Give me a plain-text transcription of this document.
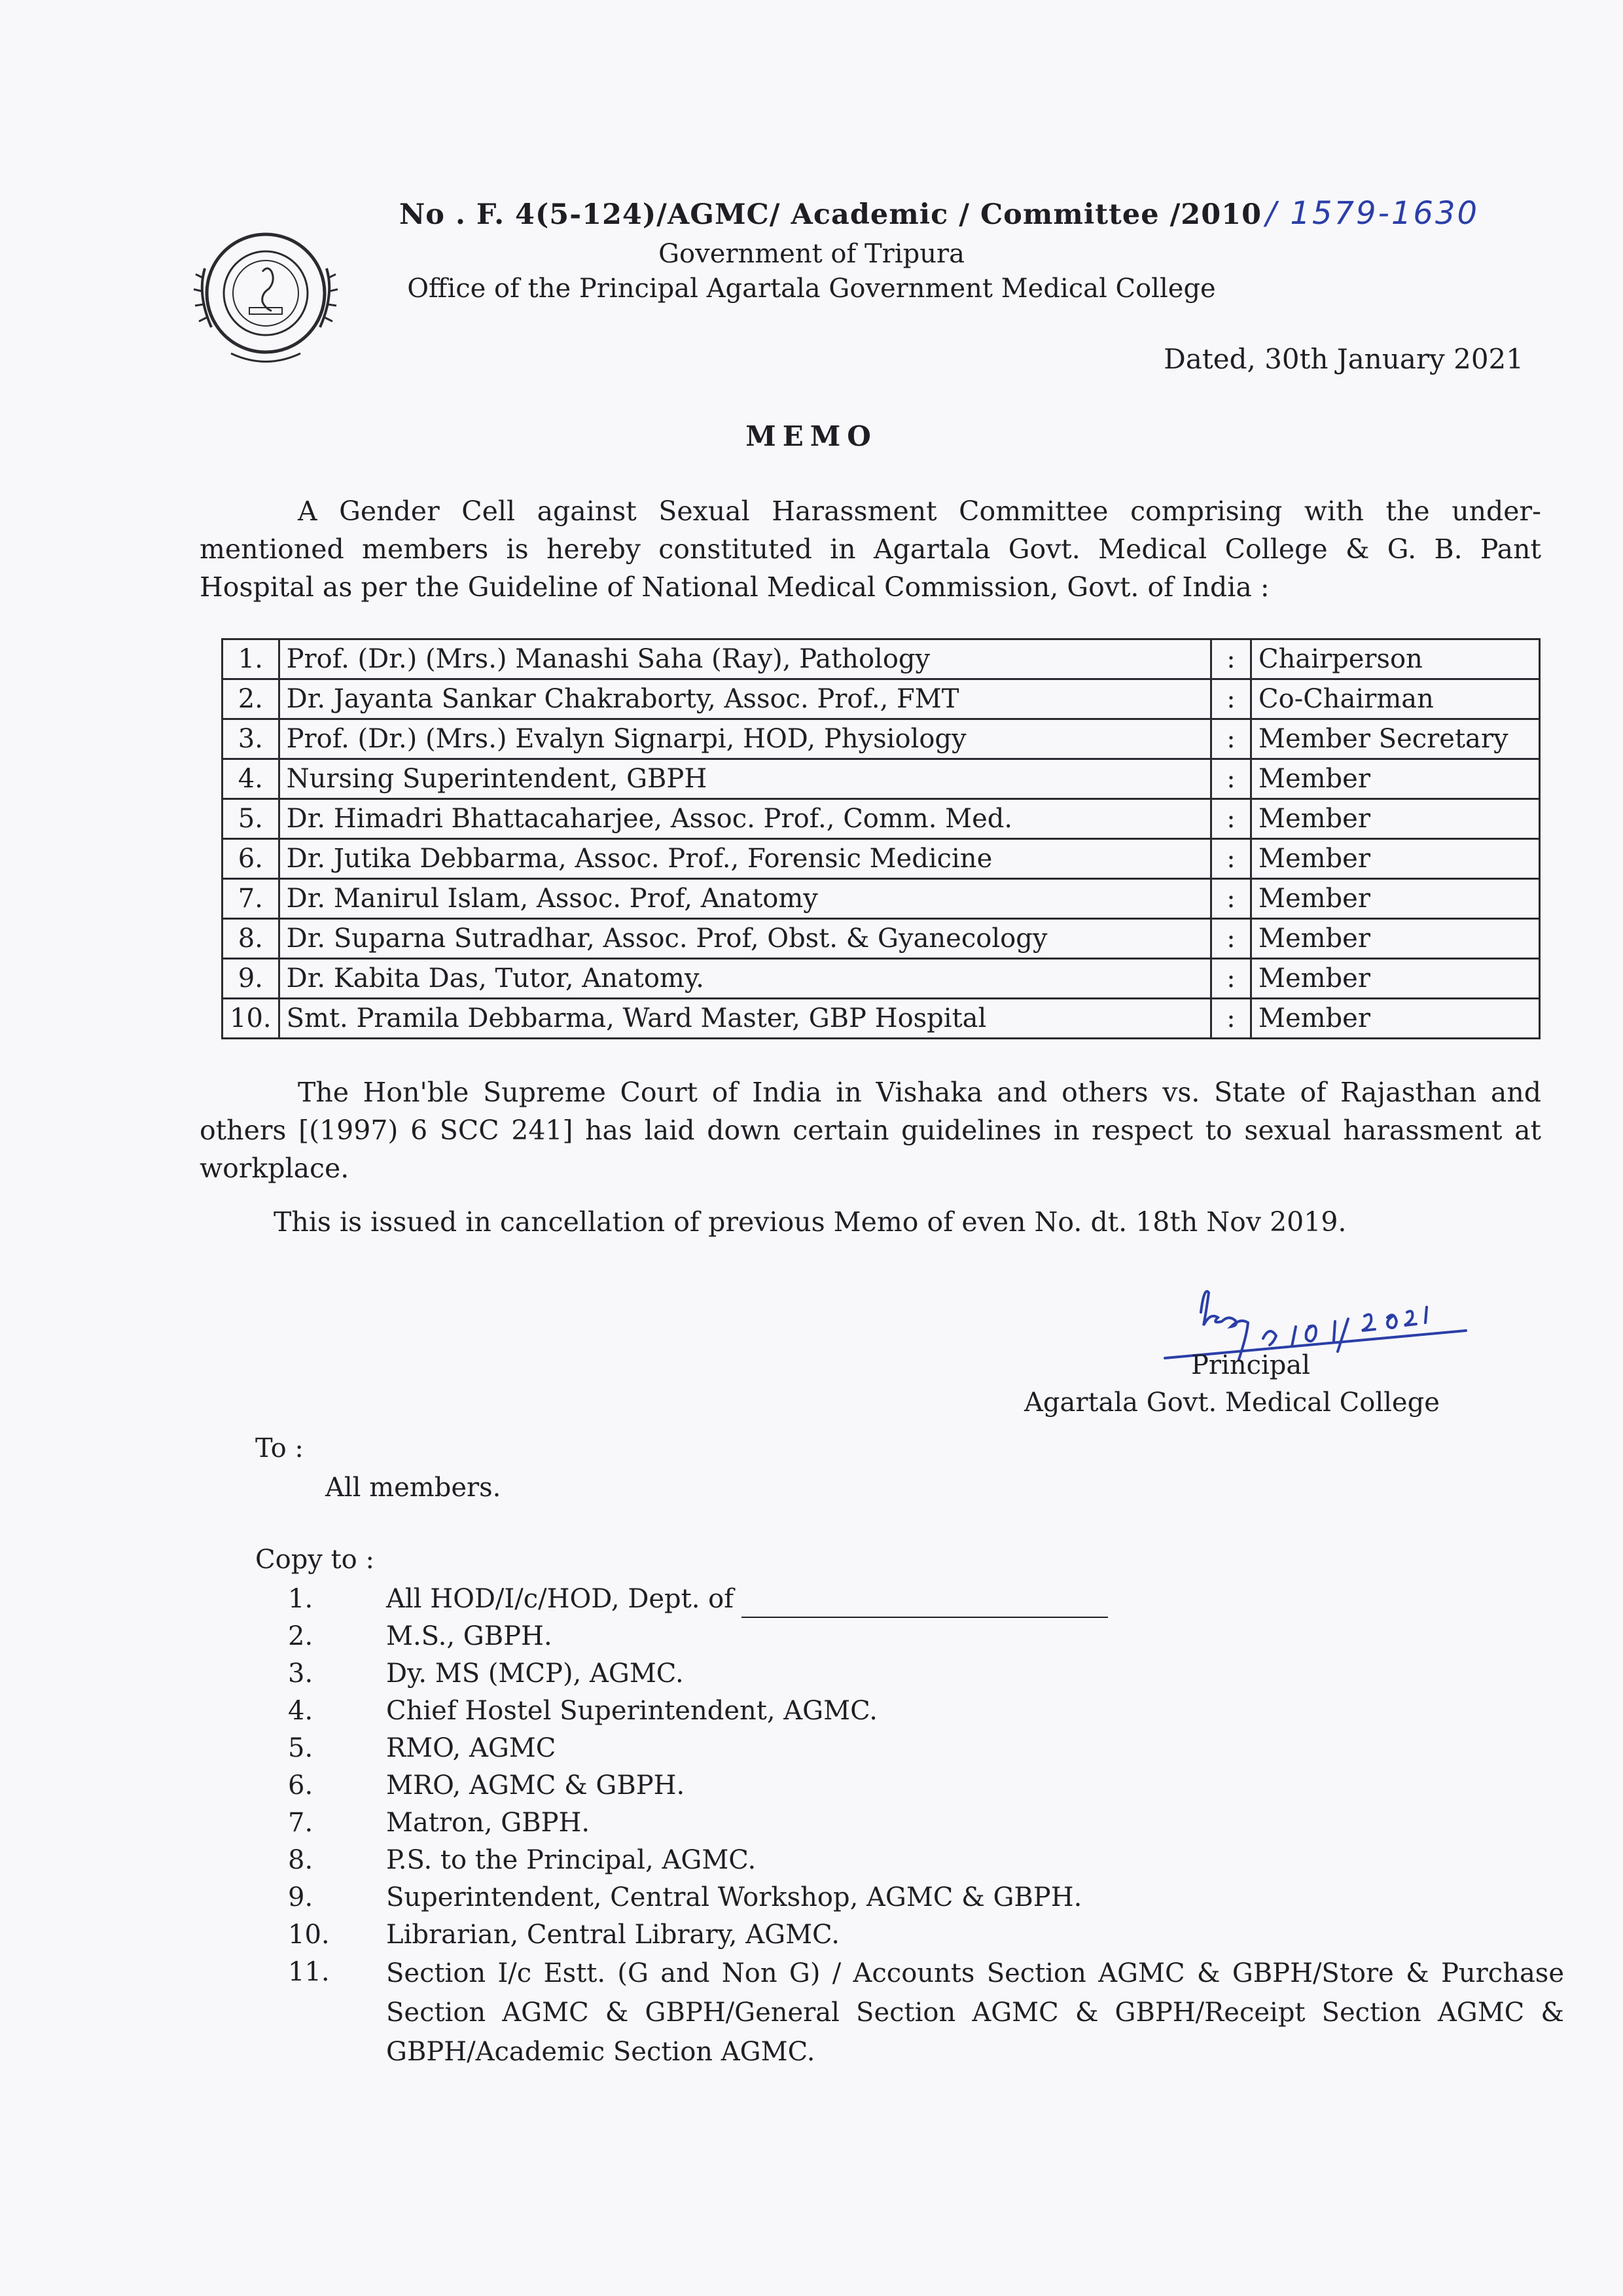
No . F. 4(5-124)/AGMC/ Academic / Committee /2010 / 1579-1630
Government of Tripura
Office of the Principal Agartala Government Medical College
Dated, 30th January 2021
MEMO
A Gender Cell against Sexual Harassment Committee comprising with the under-mentioned members is hereby constituted in Agartala Govt. Medical College & G. B. Pant Hospital as per the Guideline of National Medical Commission, Govt. of India :
1.	Prof. (Dr.) (Mrs.) Manashi Saha (Ray), Pathology	:	Chairperson
2.	Dr. Jayanta Sankar Chakraborty, Assoc. Prof., FMT	:	Co-Chairman
3.	Prof. (Dr.) (Mrs.) Evalyn Signarpi, HOD, Physiology	:	Member Secretary
4.	Nursing Superintendent, GBPH	:	Member
5.	Dr. Himadri Bhattacaharjee, Assoc. Prof., Comm. Med.	:	Member
6.	Dr. Jutika Debbarma, Assoc. Prof., Forensic Medicine	:	Member
7.	Dr. Manirul Islam, Assoc. Prof, Anatomy	:	Member
8.	Dr. Suparna Sutradhar, Assoc. Prof, Obst. & Gyanecology	:	Member
9.	Dr. Kabita Das, Tutor, Anatomy.	:	Member
10.	Smt. Pramila Debbarma, Ward Master, GBP Hospital	:	Member
The Hon'ble Supreme Court of India in Vishaka and others vs. State of Rajasthan and others [(1997) 6 SCC 241] has laid down certain guidelines in respect to sexual harassment at workplace.
This is issued in cancellation of previous Memo of even No. dt. 18th Nov 2019.
Principal
Agartala Govt. Medical College
To :
All members.
Copy to :
1.	All HOD/I/c/HOD, Dept. of
2.	M.S., GBPH.
3.	Dy. MS (MCP), AGMC.
4.	Chief Hostel Superintendent, AGMC.
5.	RMO, AGMC
6.	MRO, AGMC & GBPH.
7.	Matron, GBPH.
8.	P.S. to the Principal, AGMC.
9.	Superintendent, Central Workshop, AGMC & GBPH.
10.	Librarian, Central Library, AGMC.
11.	Section I/c Estt. (G and Non G) / Accounts Section AGMC & GBPH/Store & Purchase Section AGMC & GBPH/General Section AGMC & GBPH/Receipt Section AGMC & GBPH/Academic Section AGMC.
